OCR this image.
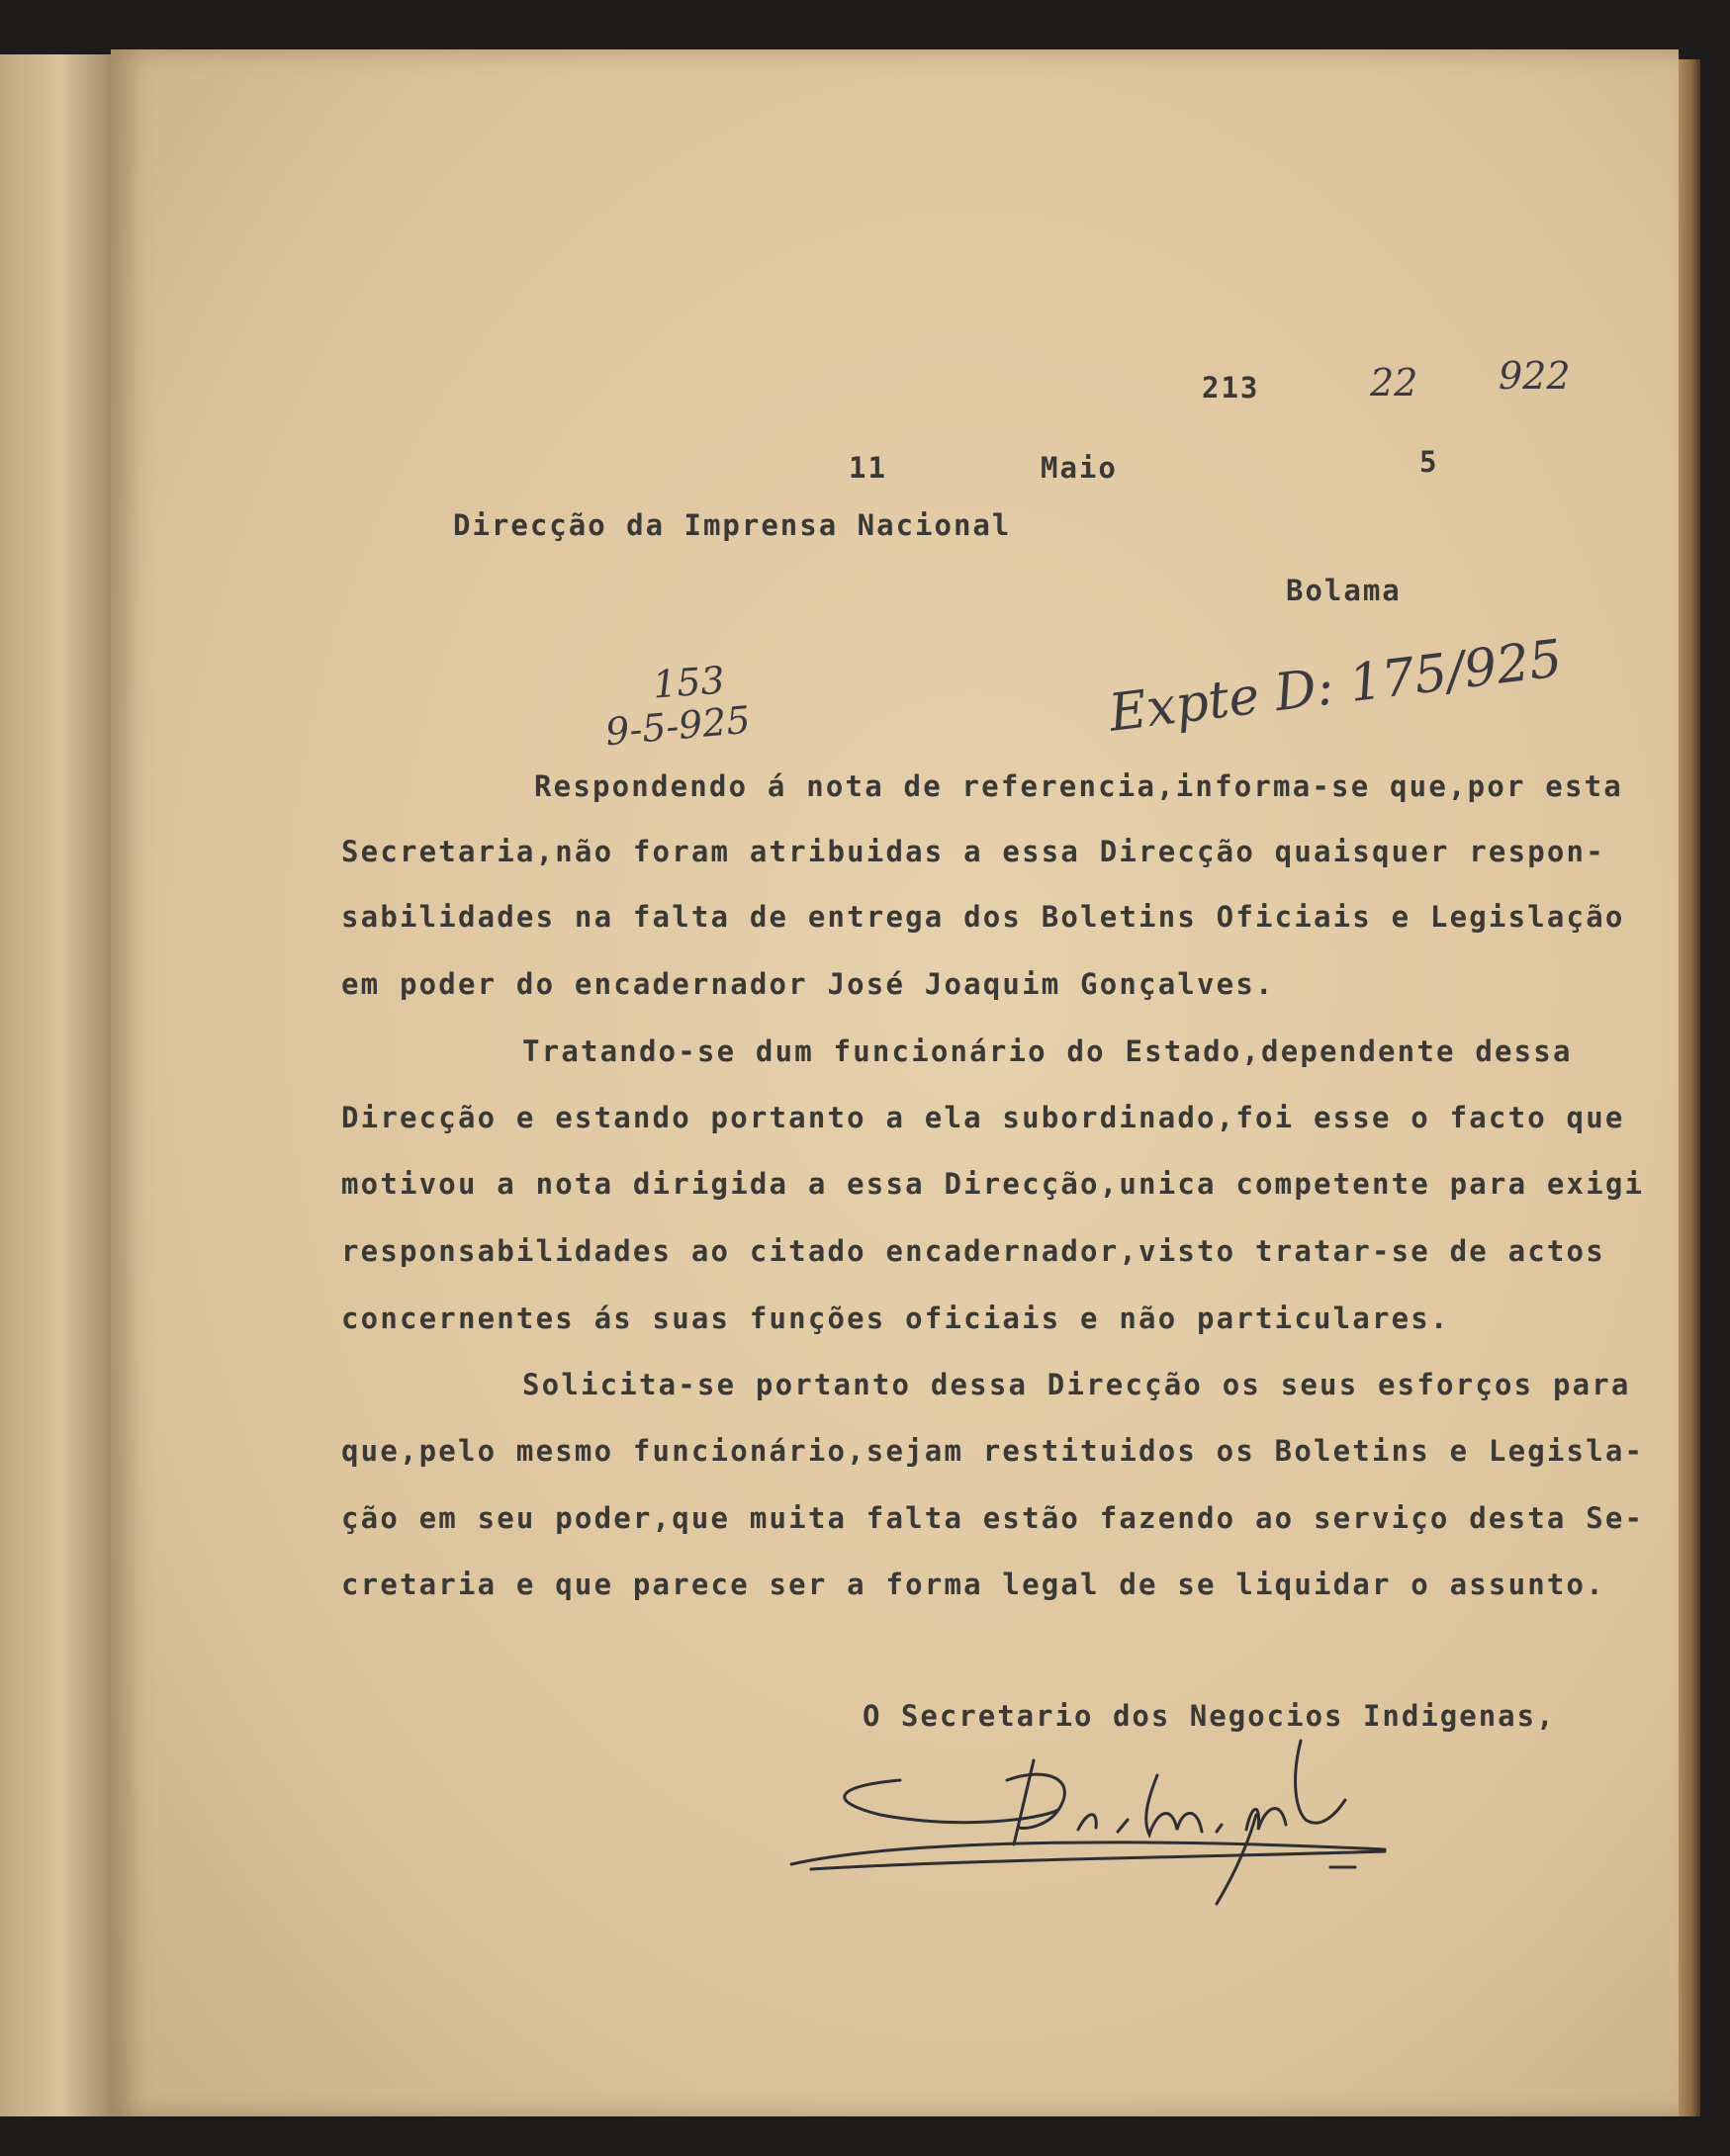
213	22 922
11	Maio	5
Direcção da Imprensa Nacional
Bolama
153
9-5-925	Expte D: 175/925
Respondendo á nota de referencia,informa-se que,por esta
Secretaria,não foram atribuidas a essa Direcção quaisquer respon-
sabilidades na falta de entrega dos Boletins Oficiais e Legislação
em poder do encadernador José Joaquim Gonçalves.
Tratando-se dum funcionário do Estado,dependente dessa
Direcção e estando portanto a ela subordinado,foi esse o facto que
motivou a nota dirigida a essa Direcção,unica competente para exigi
responsabilidades ao citado encadernador,visto tratar-se de actos
concernentes ás suas funções oficiais e não particulares.
Solicita-se portanto dessa Direcção os seus esforços para
que,pelo mesmo funcionário,sejam restituidos os Boletins e Legisla-
ção em seu poder,que muita falta estão fazendo ao serviço desta Se-
cretaria e que parece ser a forma legal de se liquidar o assunto.
O Secretario dos Negocios Indigenas,
